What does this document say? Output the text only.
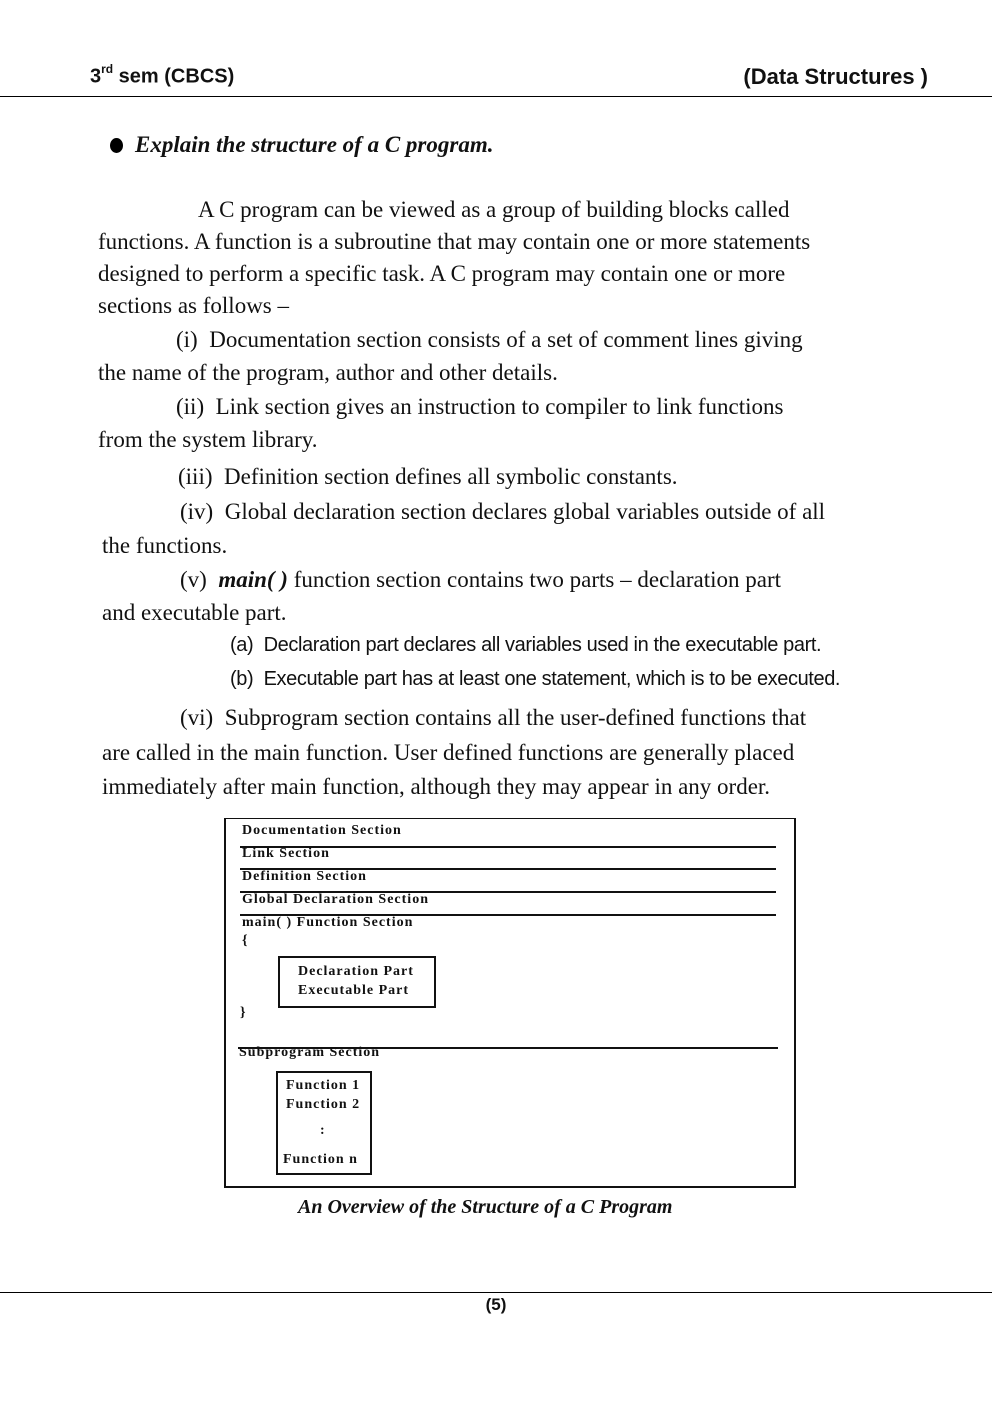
3rd sem (CBCS)	(Data Structures )
Explain the structure of a C program.
A C program can be viewed as a group of building blocks called
functions. A function is a subroutine that may contain one or more statements
designed to perform a specific task. A C program may contain one or more
sections as follows –
(i) Documentation section consists of a set of comment lines giving
the name of the program, author and other details.
(ii) Link section gives an instruction to compiler to link functions
from the system library.
(iii) Definition section defines all symbolic constants.
(iv) Global declaration section declares global variables outside of all
the functions.
(v) main( ) function section contains two parts – declaration part
and executable part.
(a) Declaration part declares all variables used in the executable part.
(b) Executable part has at least one statement, which is to be executed.
(vi) Subprogram section contains all the user-defined functions that
are called in the main function. User defined functions are generally placed
immediately after main function, although they may appear in any order.
Documentation Section
Link Section
Definition Section
Global Declaration Section
main( ) Function Section
{
Declaration Part
Executable Part
}
Subprogram Section
Function 1
Function 2
:
Function n
An Overview of the Structure of a C Program
(5)
